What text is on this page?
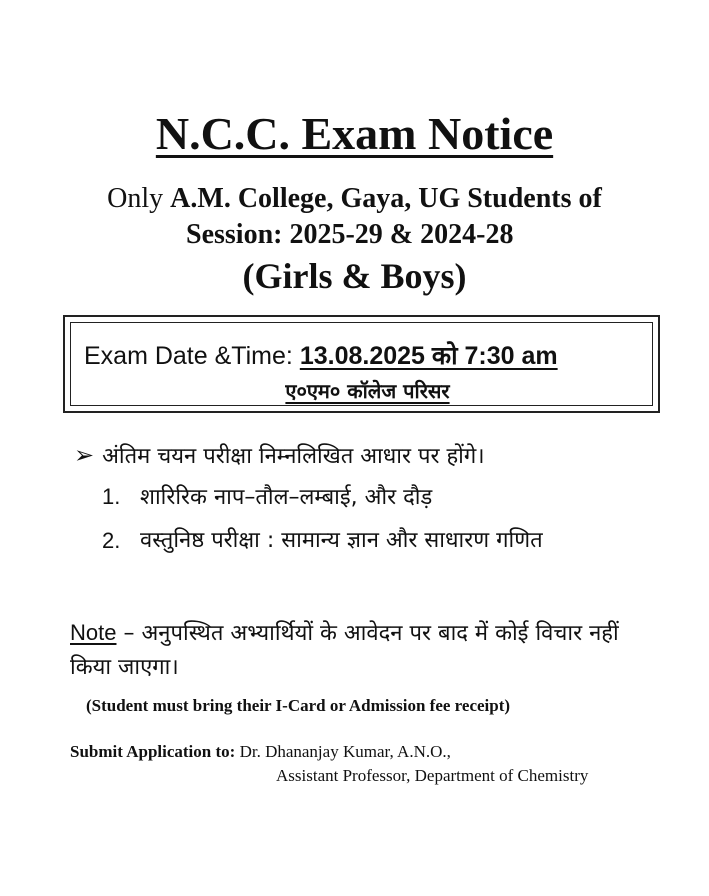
N.C.C. Exam Notice
Only A.M. College, Gaya, UG Students of
Session: 2025-29 & 2024-28
(Girls & Boys)
Exam Date &Time: 13.08.2025 को 7:30 am
ए०एम० कॉलेज परिसर
➢ अंतिम चयन परीक्षा निम्नलिखित आधार पर होंगे।
1. शारिरिक नाप–तौल–लम्बाई, और दौड़
2. वस्तुनिष्ठ परीक्षा : सामान्य ज्ञान और साधारण गणित
Note – अनुपस्थित अभ्यार्थियों के आवेदन पर बाद में कोई विचार नहीं किया जाएगा।
(Student must bring their I-Card or Admission fee receipt)
Submit Application to: Dr. Dhananjay Kumar, A.N.O.,
Assistant Professor, Department of Chemistry
